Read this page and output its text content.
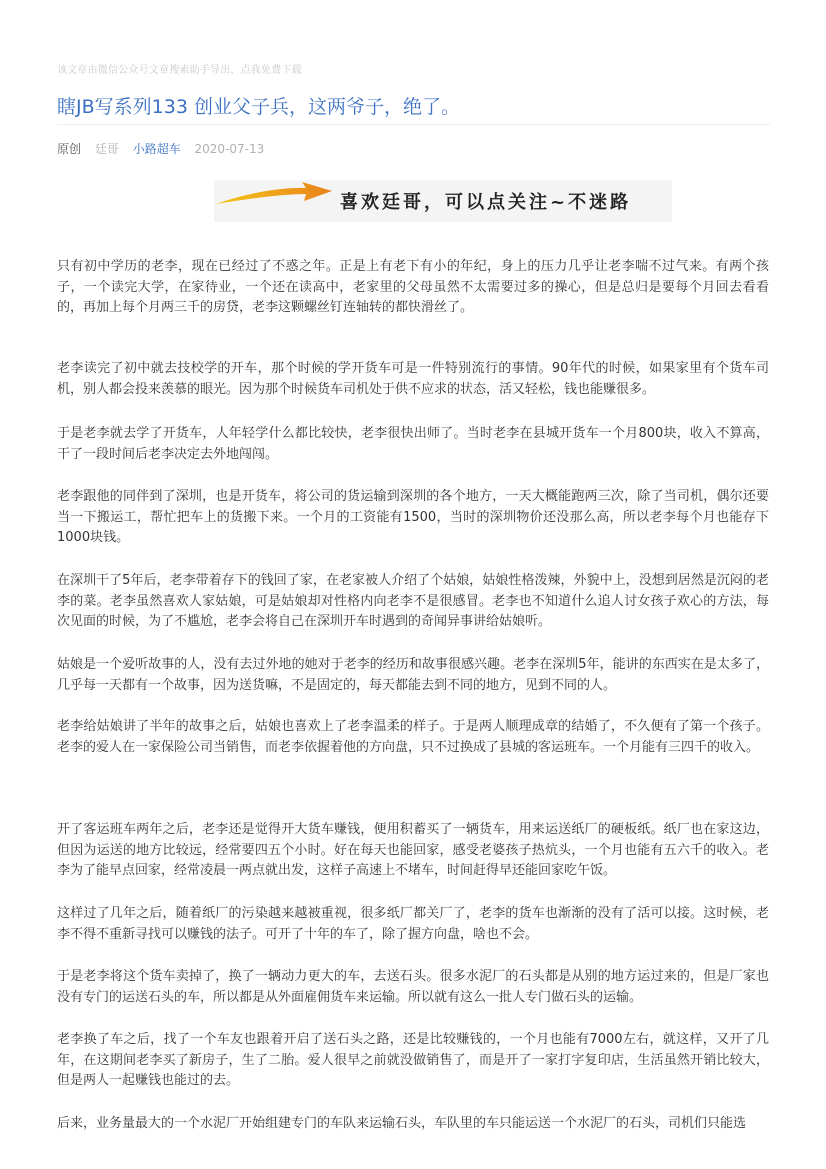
该文章由微信公众号文章搜索助手导出，点我免费下载
瞎JB写系列133 创业父子兵，这两爷子，绝了。
原创 廷哥 小路超车 2020-07-13
喜欢廷哥，可以点关注~不迷路

只有初中学历的老李，现在已经过了不惑之年。正是上有老下有小的年纪，身上的压力几乎让老李喘不过气来。有两个孩子，一个读完大学，在家待业，一个还在读高中，老家里的父母虽然不太需要过多的操心，但是总归是要每个月回去看看的，再加上每个月两三千的房贷，老李这颗螺丝钉连轴转的都快滑丝了。

老李读完了初中就去技校学的开车，那个时候的学开货车可是一件特别流行的事情。90年代的时候，如果家里有个货车司机，别人都会投来羡慕的眼光。因为那个时候货车司机处于供不应求的状态，活又轻松，钱也能赚很多。

于是老李就去学了开货车，人年轻学什么都比较快，老李很快出师了。当时老李在县城开货车一个月800块，收入不算高，干了一段时间后老李决定去外地闯闯。

老李跟他的同伴到了深圳，也是开货车，将公司的货运输到深圳的各个地方，一天大概能跑两三次，除了当司机，偶尔还要当一下搬运工，帮忙把车上的货搬下来。一个月的工资能有1500，当时的深圳物价还没那么高，所以老李每个月也能存下1000块钱。

在深圳干了5年后，老李带着存下的钱回了家，在老家被人介绍了个姑娘，姑娘性格泼辣，外貌中上，没想到居然是沉闷的老李的菜。老李虽然喜欢人家姑娘，可是姑娘却对性格内向老李不是很感冒。老李也不知道什么追人讨女孩子欢心的方法，每次见面的时候，为了不尴尬，老李会将自己在深圳开车时遇到的奇闻异事讲给姑娘听。

姑娘是一个爱听故事的人，没有去过外地的她对于老李的经历和故事很感兴趣。老李在深圳5年，能讲的东西实在是太多了，几乎每一天都有一个故事，因为送货嘛，不是固定的，每天都能去到不同的地方，见到不同的人。

老李给姑娘讲了半年的故事之后，姑娘也喜欢上了老李温柔的样子。于是两人顺理成章的结婚了，不久便有了第一个孩子。老李的爱人在一家保险公司当销售，而老李依握着他的方向盘，只不过换成了县城的客运班车。一个月能有三四千的收入。

开了客运班车两年之后，老李还是觉得开大货车赚钱，便用积蓄买了一辆货车，用来运送纸厂的硬板纸。纸厂也在家这边，但因为运送的地方比较远，经常要四五个小时。好在每天也能回家，感受老婆孩子热炕头，一个月也能有五六千的收入。老李为了能早点回家，经常凌晨一两点就出发，这样子高速上不堵车，时间赶得早还能回家吃午饭。

这样过了几年之后，随着纸厂的污染越来越被重视，很多纸厂都关厂了，老李的货车也渐渐的没有了活可以接。这时候，老李不得不重新寻找可以赚钱的法子。可开了十年的车了，除了握方向盘，啥也不会。

于是老李将这个货车卖掉了，换了一辆动力更大的车，去送石头。很多水泥厂的石头都是从别的地方运过来的，但是厂家也没有专门的运送石头的车，所以都是从外面雇佣货车来运输。所以就有这么一批人专门做石头的运输。

老李换了车之后，找了一个车友也跟着开启了送石头之路，还是比较赚钱的，一个月也能有7000左右，就这样，又开了几年，在这期间老李买了新房子，生了二胎。爱人很早之前就没做销售了，而是开了一家打字复印店，生活虽然开销比较大，但是两人一起赚钱也能过的去。

后来，业务量最大的一个水泥厂开始组建专门的车队来运输石头，车队里的车只能运送一个水泥厂的石头，司机们只能选
